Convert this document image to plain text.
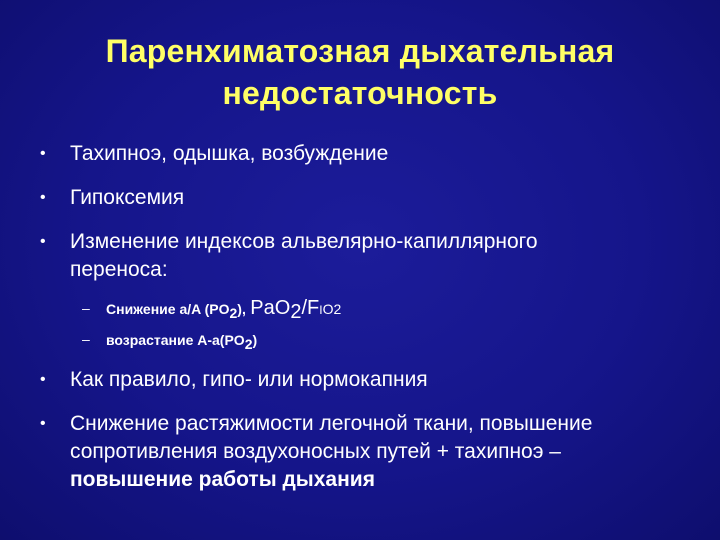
Паренхиматозная дыхательная
недостаточность
•	Тахипноэ, одышка, возбуждение
•	Гипоксемия
•	Изменение индексов альвелярно-капиллярного
переноса:
– Снижение a/A $(PO_2)$, PaO$_2$/FIO2
– возрастание $A-a(PO_2)$
•	Как правило, гипо- или нормокапния
•	Снижение растяжимости легочной ткани, повышение
сопротивления воздухоносных путей + тахипноэ –
повышение работы дыхания
